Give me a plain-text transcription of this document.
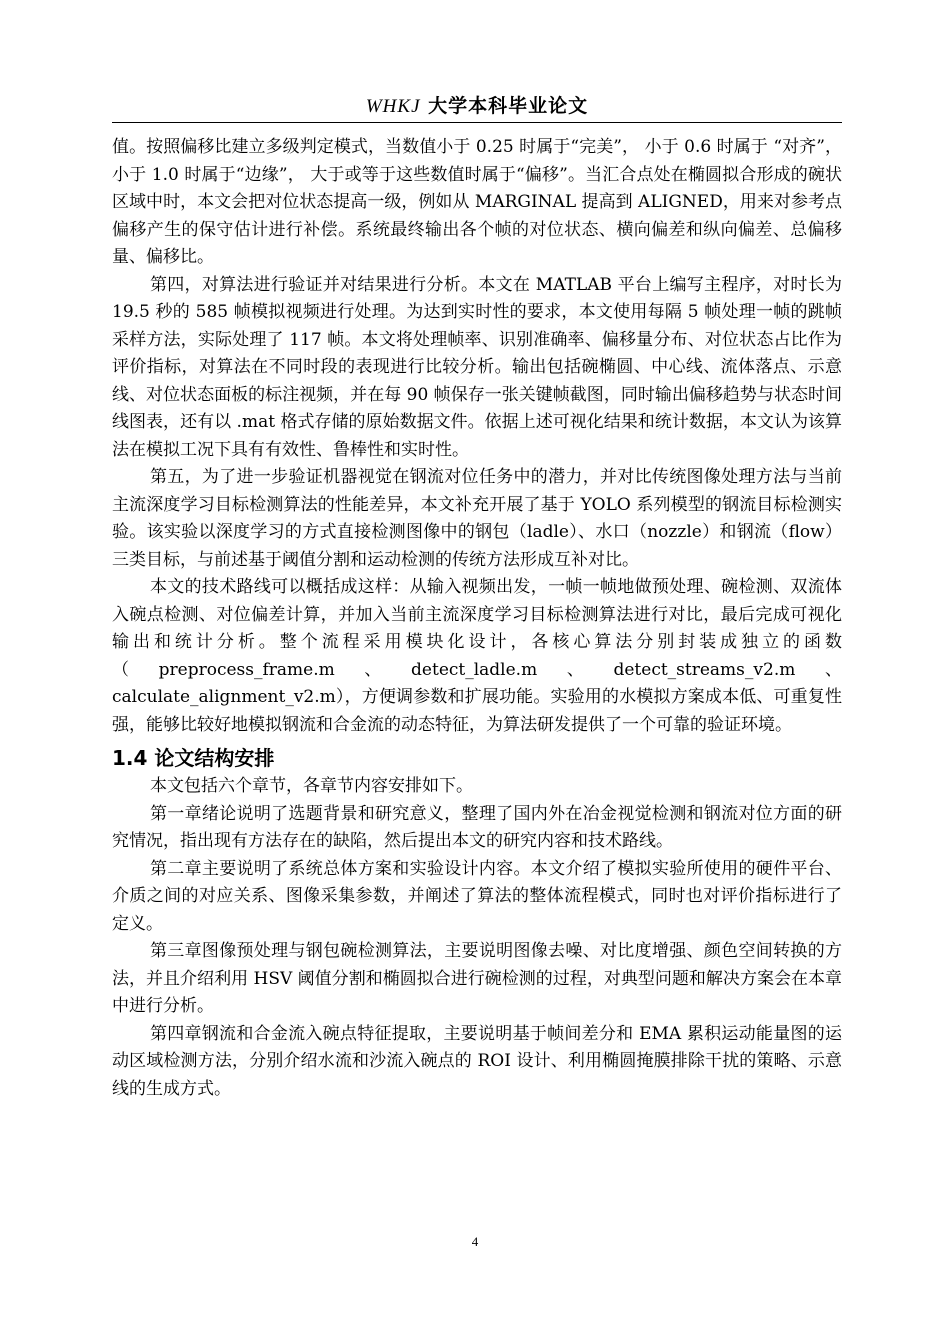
WHKJ 大学本科毕业论文

值。按照偏移比建立多级判定模式，当数值小于 0.25 时属于“完美”， 小于 0.6 时属于 “对齐”， 小于 1.0 时属于“边缘”， 大于或等于这些数值时属于“偏移”。当汇合点处在椭圆拟合形成的碗状区域中时，本文会把对位状态提高一级，例如从 MARGINAL 提高到 ALIGNED，用来对参考点偏移产生的保守估计进行补偿。系统最终输出各个帧的对位状态、横向偏差和纵向偏差、总偏移量、偏移比。

第四，对算法进行验证并对结果进行分析。本文在 MATLAB 平台上编写主程序，对时长为 19.5 秒的 585 帧模拟视频进行处理。为达到实时性的要求，本文使用每隔 5 帧处理一帧的跳帧采样方法，实际处理了 117 帧。本文将处理帧率、识别准确率、偏移量分布、对位状态占比作为评价指标，对算法在不同时段的表现进行比较分析。输出包括碗椭圆、中心线、流体落点、示意线、对位状态面板的标注视频，并在每 90 帧保存一张关键帧截图，同时输出偏移趋势与状态时间线图表，还有以 .mat 格式存储的原始数据文件。依据上述可视化结果和统计数据，本文认为该算法在模拟工况下具有有效性、鲁棒性和实时性。

第五，为了进一步验证机器视觉在钢流对位任务中的潜力，并对比传统图像处理方法与当前主流深度学习目标检测算法的性能差异，本文补充开展了基于 YOLO 系列模型的钢流目标检测实验。该实验以深度学习的方式直接检测图像中的钢包（ladle）、水口（nozzle）和钢流（flow）三类目标，与前述基于阈值分割和运动检测的传统方法形成互补对比。

本文的技术路线可以概括成这样：从输入视频出发，一帧一帧地做预处理、碗检测、双流体入碗点检测、对位偏差计算，并加入当前主流深度学习目标检测算法进行对比，最后完成可视化输出和统计分析。整个流程采用模块化设计，各核心算法分别封装成独立的函数（preprocess_frame.m、detect_ladle.m、detect_streams_v2.m、calculate_alignment_v2.m），方便调参数和扩展功能。实验用的水模拟方案成本低、可重复性强，能够比较好地模拟钢流和合金流的动态特征，为算法研发提供了一个可靠的验证环境。

1.4 论文结构安排

本文包括六个章节，各章节内容安排如下。

第一章绪论说明了选题背景和研究意义，整理了国内外在冶金视觉检测和钢流对位方面的研究情况，指出现有方法存在的缺陷，然后提出本文的研究内容和技术路线。

第二章主要说明了系统总体方案和实验设计内容。本文介绍了模拟实验所使用的硬件平台、介质之间的对应关系、图像采集参数，并阐述了算法的整体流程模式，同时也对评价指标进行了定义。

第三章图像预处理与钢包碗检测算法，主要说明图像去噪、对比度增强、颜色空间转换的方法，并且介绍利用 HSV 阈值分割和椭圆拟合进行碗检测的过程，对典型问题和解决方案会在本章中进行分析。

第四章钢流和合金流入碗点特征提取，主要说明基于帧间差分和 EMA 累积运动能量图的运动区域检测方法，分别介绍水流和沙流入碗点的 ROI 设计、利用椭圆掩膜排除干扰的策略、示意线的生成方式。

4
